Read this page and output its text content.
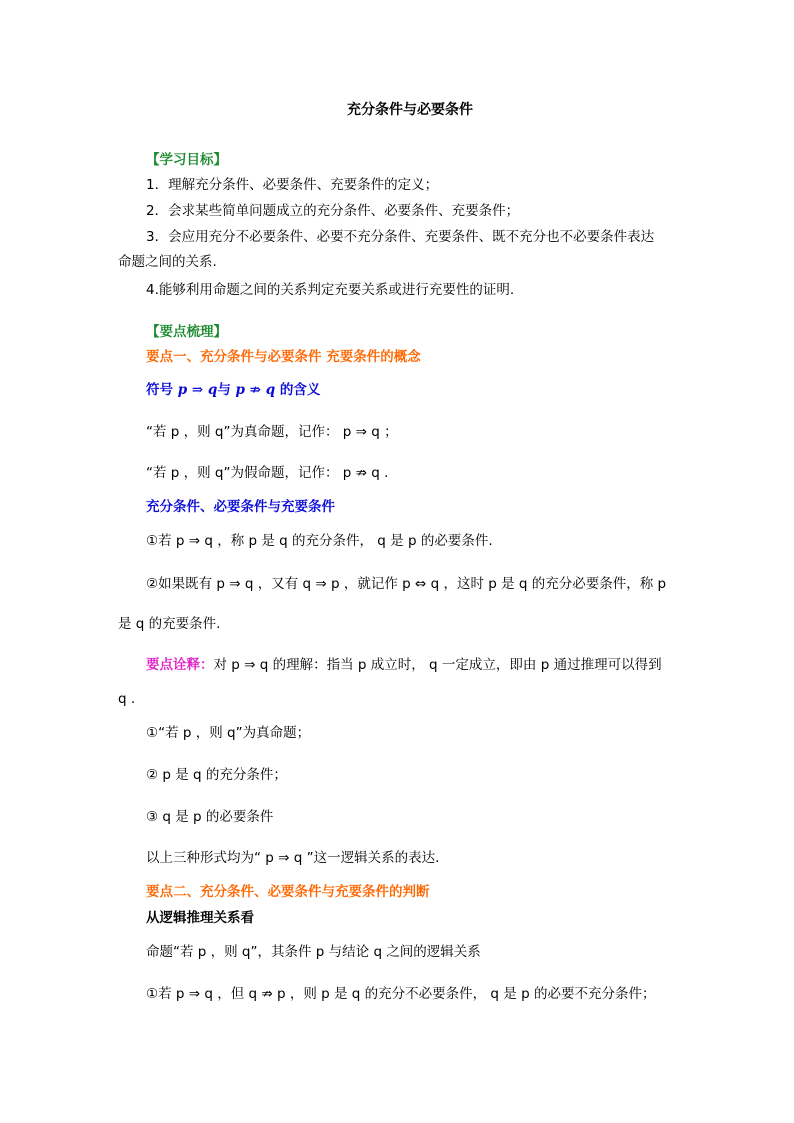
充分条件与必要条件
【学习目标】
1．理解充分条件、必要条件、充要条件的定义；
2．会求某些简单问题成立的充分条件、必要条件、充要条件；
3．会应用充分不必要条件、必要不充分条件、充要条件、既不充分也不必要条件表达
命题之间的关系.
4.能够利用命题之间的关系判定充要关系或进行充要性的证明.
【要点梳理】
要点一、充分条件与必要条件 充要条件的概念
符号 p ⇒ q与 p ⇏ q 的含义
“若 p ，则 q”为真命题，记作： p ⇒ q ；
“若 p ，则 q”为假命题，记作： p ⇏ q .
充分条件、必要条件与充要条件
①若 p ⇒ q ，称 p 是 q 的充分条件， q 是 p 的必要条件.
②如果既有 p ⇒ q ，又有 q ⇒ p ，就记作 p ⇔ q ，这时 p 是 q 的充分必要条件，称 p
是 q 的充要条件.
要点诠释：对 p ⇒ q 的理解：指当 p 成立时， q 一定成立，即由 p 通过推理可以得到
q .
①“若 p ，则 q”为真命题；
② p 是 q 的充分条件；
③ q 是 p 的必要条件
以上三种形式均为“ p ⇒ q ”这一逻辑关系的表达.
要点二、充分条件、必要条件与充要条件的判断
从逻辑推理关系看
命题“若 p ，则 q”，其条件 p 与结论 q 之间的逻辑关系
①若 p ⇒ q ，但 q ⇏ p ，则 p 是 q 的充分不必要条件， q 是 p 的必要不充分条件；
